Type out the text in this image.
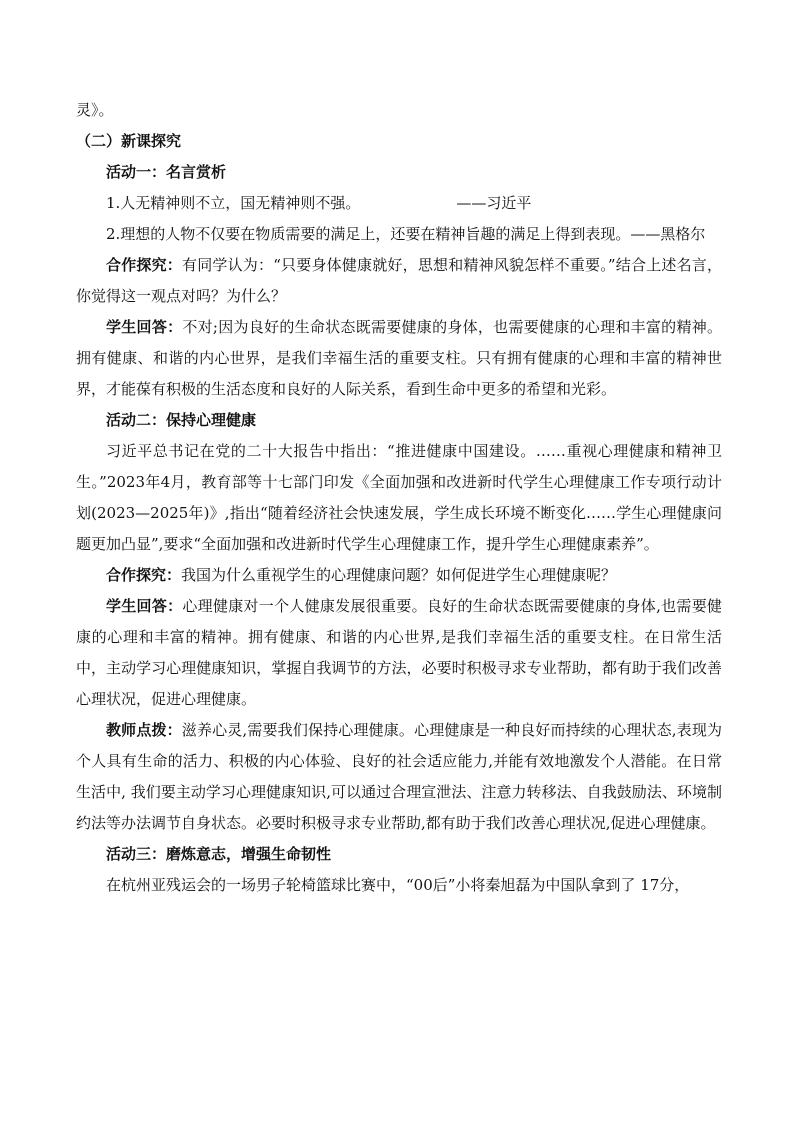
灵》。

（二）新课探究

活动一：名言赏析

1.人无精神则不立，国无精神则不强。	——习近平

2.理想的人物不仅要在物质需要的满足上，还要在精神旨趣的满足上得到表现。——黑格尔

合作探究：有同学认为：“只要身体健康就好，思想和精神风貌怎样不重要。”结合上述名言，你觉得这一观点对吗？为什么？

学生回答：不对;因为良好的生命状态既需要健康的身体，也需要健康的心理和丰富的精神。拥有健康、和谐的内心世界，是我们幸福生活的重要支柱。只有拥有健康的心理和丰富的精神世界，才能葆有积极的生活态度和良好的人际关系，看到生命中更多的希望和光彩。

活动二：保持心理健康

习近平总书记在党的二十大报告中指出：“推进健康中国建设。……重视心理健康和精神卫生。”2023年4月，教育部等十七部门印发《全面加强和改进新时代学生心理健康工作专项行动计划(2023—2025年)》,指出“随着经济社会快速发展，学生成长环境不断变化……学生心理健康问题更加凸显”,要求“全面加强和改进新时代学生心理健康工作，提升学生心理健康素养”。

合作探究：我国为什么重视学生的心理健康问题？如何促进学生心理健康呢？

学生回答：心理健康对一个人健康发展很重要。良好的生命状态既需要健康的身体,也需要健康的心理和丰富的精神。拥有健康、和谐的内心世界,是我们幸福生活的重要支柱。在日常生活中，主动学习心理健康知识，掌握自我调节的方法，必要时积极寻求专业帮助，都有助于我们改善心理状况，促进心理健康。

教师点拨：滋养心灵,需要我们保持心理健康。心理健康是一种良好而持续的心理状态,表现为个人具有生命的活力、积极的内心体验、良好的社会适应能力,并能有效地激发个人潜能。在日常生活中, 我们要主动学习心理健康知识,可以通过合理宣泄法、注意力转移法、自我鼓励法、环境制约法等办法调节自身状态。必要时积极寻求专业帮助,都有助于我们改善心理状况,促进心理健康。

活动三：磨炼意志，增强生命韧性

在杭州亚残运会的一场男子轮椅篮球比赛中，“00后”小将秦旭磊为中国队拿到了 17分，
